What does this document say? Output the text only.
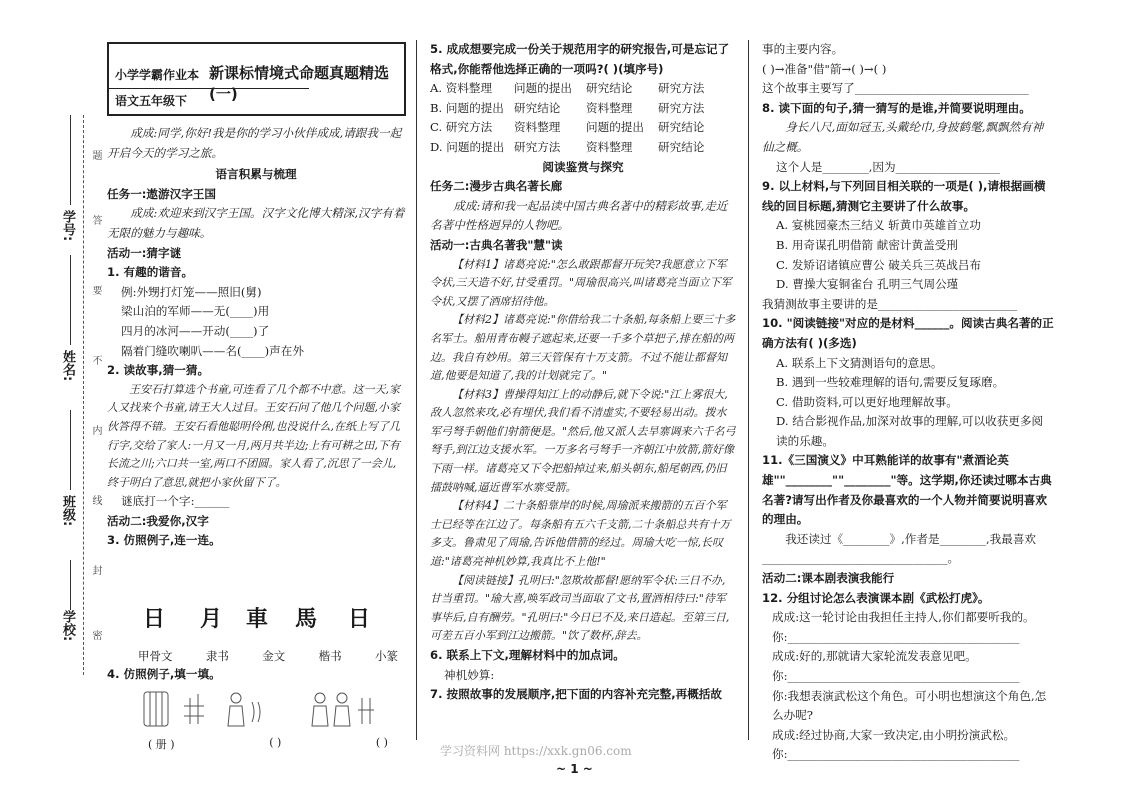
学校:
班级:
姓名:
学号:
题
答
要
不
内
线
封
密
小学学霸作业本 新课标情境式命题真题精选(一)
语文五年级下

成成:同学,你好!我是你的学习小伙伴成成,请跟我一起开启今天的学习之旅。

语言积累与梳理

任务一:遨游汉字王国

成成:欢迎来到汉字王国。汉字文化博大精深,汉字有着无限的魅力与趣味。

活动一:猜字谜

1. 有趣的谐音。

例:外甥打灯笼——照旧(舅)

梁山泊的军师——无(____)用

四月的冰河——开动(____)了

隔着门缝吹喇叭——名(____)声在外

2. 读故事,猜一猜。

王安石打算选个书童,可连看了几个都不中意。这一天,家人又找来个书童,请王大人过目。王安石问了他几个问题,小家伙答得不错。王安石看他聪明伶俐,也没说什么,在纸上写了几行字,交给了家人:一月又一月,两月共半边;上有可耕之田,下有长流之川;六口共一室,两口不团圆。家人看了,沉思了一会儿,终于明白了意思,就把小家伙留下了。

谜底打一个字:______

活动二:我爱你,汉字

3. 仿照例子,连一连。

日 月 車 馬 日
甲骨文	隶书	金文	楷书	小篆
4. 仿照例子,填一填。
( 册 )	( )	( )

5. 成成想要完成一份关于规范用字的研究报告,可是忘记了格式,你能帮他选择正确的一项吗?( )(填序号)

A. 资料整理	问题的提出	研究结论	研究方法
B. 问题的提出 研究结论	资料整理	研究方法
C. 研究方法	资料整理	问题的提出	研究结论
D. 问题的提出 研究方法	资料整理	研究结论

阅读鉴赏与探究

任务二:漫步古典名著长廊

成成:请和我一起品读中国古典名著中的精彩故事,走近名著中性格迥异的人物吧。

活动一:古典名著我"慧"读

【材料1】诸葛亮说:"怎么敢跟都督开玩笑?我愿意立下军令状,三天造不好,甘受重罚。"周瑜很高兴,叫诸葛亮当面立下军令状,又摆了酒席招待他。

【材料2】诸葛亮说:"你借给我二十条船,每条船上要三十多名军士。船用青布幔子遮起来,还要一千多个草把子,排在船的两边。我自有妙用。第三天管保有十万支箭。不过不能让都督知道,他要是知道了,我的计划就完了。"

【材料3】曹操得知江上的动静后,就下令说:"江上雾很大,敌人忽然来攻,必有埋伏,我们看不清虚实,不要轻易出动。拨水军弓弩手朝他们射箭便是。"然后,他又派人去旱寨调来六千名弓弩手,到江边支援水军。一万多名弓弩手一齐朝江中放箭,箭好像下雨一样。诸葛亮又下令把船掉过来,船头朝东,船尾朝西,仍旧擂鼓呐喊,逼近曹军水寨受箭。

【材料4】二十条船靠岸的时候,周瑜派来搬箭的五百个军士已经等在江边了。每条船有五六千支箭,二十条船总共有十万多支。鲁肃见了周瑜,告诉他借箭的经过。周瑜大吃一惊,长叹道:"诸葛亮神机妙算,我真比不上他!"

【阅读链接】孔明曰:"忽欺故都督!愿纳军令状:三日不办,甘当重罚。"瑜大喜,唤军政司当面取了文书,置酒相待曰:"待军事毕后,自有酬劳。"孔明曰:"今日已不及,来日造起。至第三日,可差五百小军到江边搬箭。"饮了数杯,辞去。

6. 联系上下文,理解材料中的加点词。

神机妙算:

7. 按照故事的发展顺序,把下面的内容补充完整,再概括故

事的主要内容。

( )→准备"借"箭→( )→( )

这个故事主要写了______________________________

8. 读下面的句子,猜一猜写的是谁,并简要说明理由。

身长八尺,面如冠玉,头戴纶巾,身披鹤氅,飘飘然有神仙之概。

这个人是________,因为__________________

9. 以上材料,与下列回目相关联的一项是( ),请根据画横线的回目标题,猜测它主要讲了什么故事。

A. 宴桃园豪杰三结义 斩黄巾英雄首立功

B. 用奇谋孔明借箭 献密计黄盖受刑

C. 发矫诏诸镇应曹公 破关兵三英战吕布

D. 曹操大宴铜雀台 孔明三气周公瑾

我猜测故事主要讲的是________________________

10. "阅读链接"对应的是材料______。阅读古典名著的正确方法有( )(多选)

A. 联系上下文猜测语句的意思。

B. 遇到一些较难理解的语句,需要反复琢磨。

C. 借助资料,可以更好地理解故事。

D. 结合影视作品,加深对故事的理解,可以收获更多阅读的乐趣。

11.《三国演义》中耳熟能详的故事有"煮酒论英雄""________""________"等。这学期,你还读过哪本古典名著?请写出作者及你最喜欢的一个人物并简要说明喜欢的理由。

我还读过《________》,作者是________,我最喜欢________________________________。

活动二:课本剧表演我能行

12. 分组讨论怎么表演课本剧《武松打虎》。

成成:这一轮讨论由我担任主持人,你们都要听我的。

你:________________________________________

成成:好的,那就请大家轮流发表意见吧。

你:________________________________________

你:我想表演武松这个角色。可小明也想演这个角色,怎么办呢?

成成:经过协商,大家一致决定,由小明扮演武松。

你:________________________________________

学习资料网 https://xxk.gn06.com
~ 1 ~
